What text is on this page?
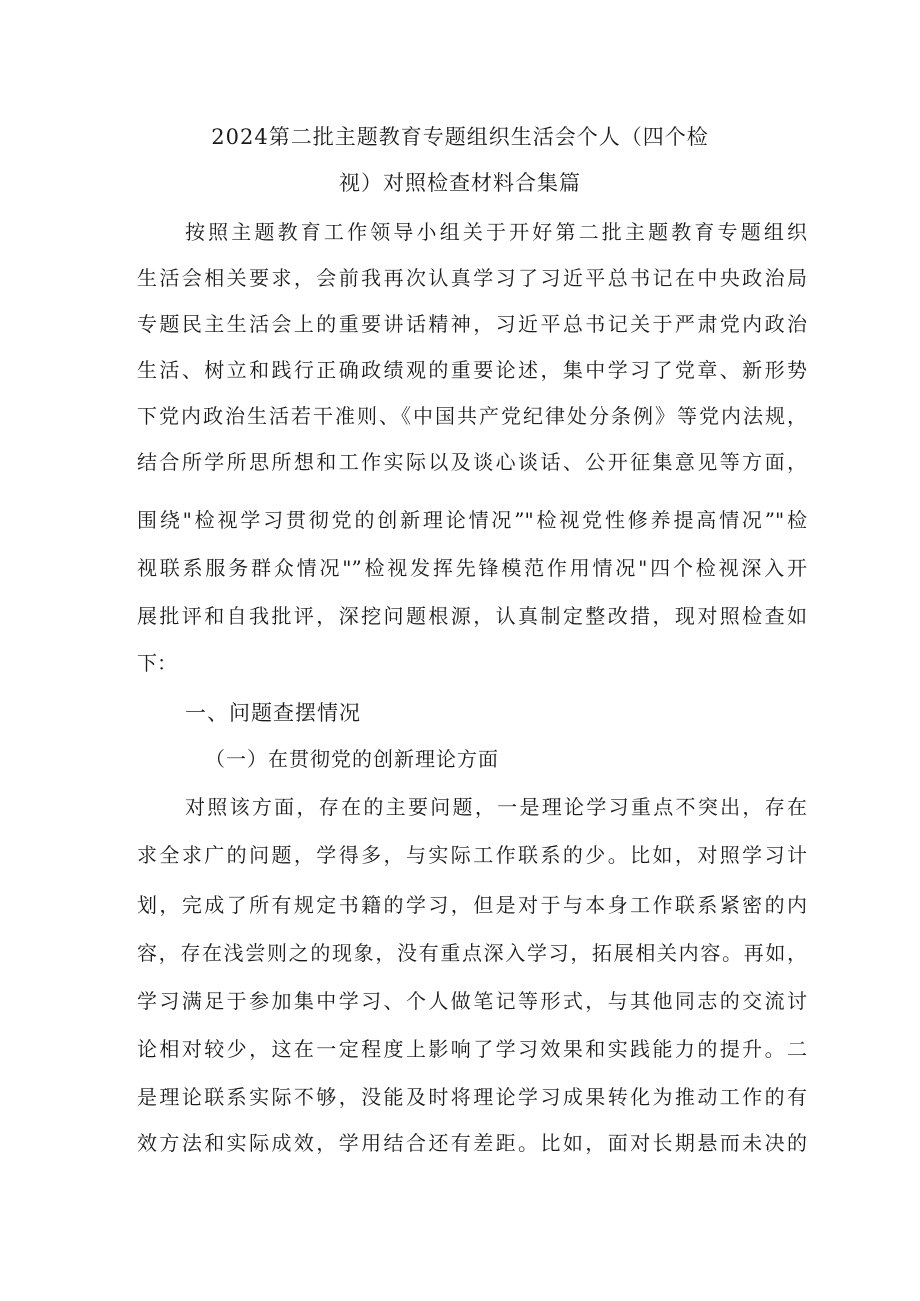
2024第二批主题教育专题组织生活会个人（四个检
视）对照检查材料合集篇
按照主题教育工作领导小组关于开好第二批主题教育专题组织
生活会相关要求，会前我再次认真学习了习近平总书记在中央政治局
专题民主生活会上的重要讲话精神，习近平总书记关于严肃党内政治
生活、树立和践行正确政绩观的重要论述，集中学习了党章、新形势
下党内政治生活若干准则、《中国共产党纪律处分条例》等党内法规，
结合所学所思所想和工作实际以及谈心谈话、公开征集意见等方面，
围绕"检视学习贯彻党的创新理论情况”"检视党性修养提高情况”"检
视联系服务群众情况"”检视发挥先锋模范作用情况"四个检视深入开
展批评和自我批评，深挖问题根源，认真制定整改措，现对照检查如
下：
一、问题查摆情况
（一）在贯彻党的创新理论方面
对照该方面，存在的主要问题，一是理论学习重点不突出，存在
求全求广的问题，学得多，与实际工作联系的少。比如，对照学习计
划，完成了所有规定书籍的学习，但是对于与本身工作联系紧密的内
容，存在浅尝则之的现象，没有重点深入学习，拓展相关内容。再如，
学习满足于参加集中学习、个人做笔记等形式，与其他同志的交流讨
论相对较少，这在一定程度上影响了学习效果和实践能力的提升。二
是理论联系实际不够，没能及时将理论学习成果转化为推动工作的有
效方法和实际成效，学用结合还有差距。比如，面对长期悬而未决的
